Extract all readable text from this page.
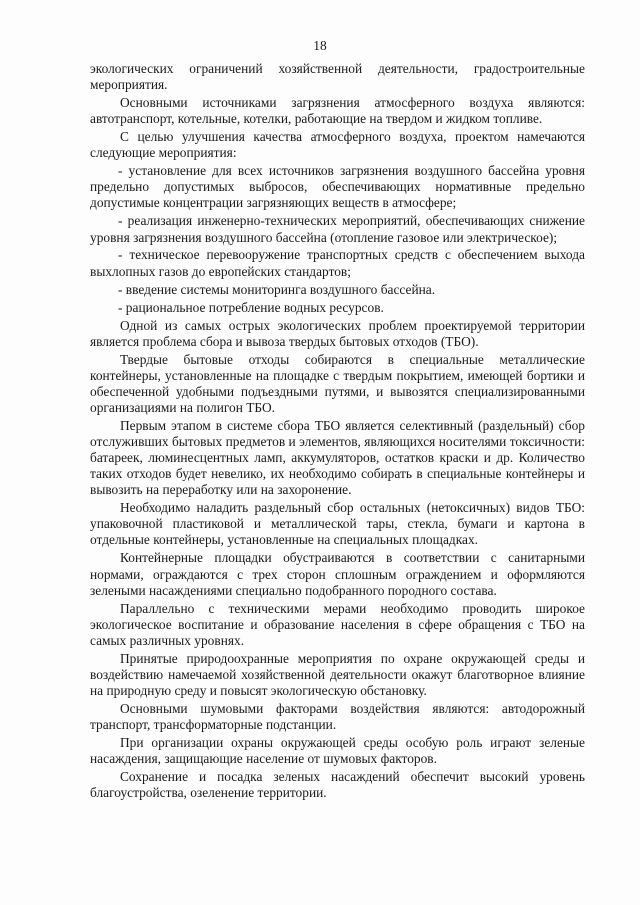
18

экологических ограничений хозяйственной деятельности, градостроительные мероприятия.

Основными источниками загрязнения атмосферного воздуха являются: автотранспорт, котельные, котелки, работающие на твердом и жидком топливе.

С целью улучшения качества атмосферного воздуха, проектом намечаются следующие мероприятия:

- установление для всех источников загрязнения воздушного бассейна уровня предельно допустимых выбросов, обеспечивающих нормативные предельно допустимые концентрации загрязняющих веществ в атмосфере;

- реализация инженерно-технических мероприятий, обеспечивающих снижение уровня загрязнения воздушного бассейна (отопление газовое или электрическое);

- техническое перевооружение транспортных средств с обеспечением выхода выхлопных газов до европейских стандартов;

- введение системы мониторинга воздушного бассейна.

- рациональное потребление водных ресурсов.

Одной из самых острых экологических проблем проектируемой территории является проблема сбора и вывоза твердых бытовых отходов (ТБО).

Твердые бытовые отходы собираются в специальные металлические контейнеры, установленные на площадке с твердым покрытием, имеющей бортики и обеспеченной удобными подъездными путями, и вывозятся специализированными организациями на полигон ТБО.

Первым этапом в системе сбора ТБО является селективный (раздельный) сбор отслуживших бытовых предметов и элементов, являющихся носителями токсичности: батареек, люминесцентных ламп, аккумуляторов, остатков краски и др. Количество таких отходов будет невелико, их необходимо собирать в специальные контейнеры и вывозить на переработку или на захоронение.

Необходимо наладить раздельный сбор остальных (нетоксичных) видов ТБО: упаковочной пластиковой и металлической тары, стекла, бумаги и картона в отдельные контейнеры, установленные на специальных площадках.

Контейнерные площадки обустраиваются в соответствии с санитарными нормами, ограждаются с трех сторон сплошным ограждением и оформляются зелеными насаждениями специально подобранного породного состава.

Параллельно с техническими мерами необходимо проводить широкое экологическое воспитание и образование населения в сфере обращения с ТБО на самых различных уровнях.

Принятые природоохранные мероприятия по охране окружающей среды и воздействию намечаемой хозяйственной деятельности окажут благотворное влияние на природную среду и повысят экологическую обстановку.

Основными шумовыми факторами воздействия являются: автодорожный транспорт, трансформаторные подстанции.

При организации охраны окружающей среды особую роль играют зеленые насаждения, защищающие население от шумовых факторов.

Сохранение и посадка зеленых насаждений обеспечит высокий уровень благоустройства, озеленение территории.
